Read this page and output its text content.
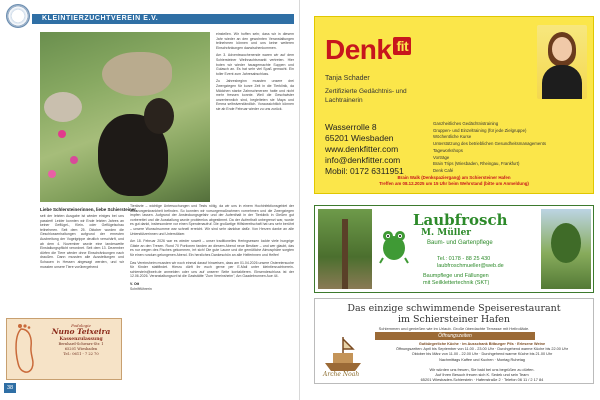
KLEINTIERZUCHTVEREIN E.V.

einstellen. Wir hoffen sehr, dass wir in diesem Jahr wieder an den gewohnten Veranstaltungen teilnehmen können und uns keine weiteren Einschränkungen dazwischenkommen.

Am 3. Adventswochenende waren wir auf dem Schiersteiner Weihnachtsmarkt vertreten. Hier boten wir wieder hausgemachte Suppen und Gulasch an. Es hat sehr viel Spaß gemacht. Ein toller Event zum Jahresabschluss.

Zu Jahresbeginn mussten unsere drei Zwergziegen für kurze Zeit in die Tierklinik, da Mädchen starke Zahnschmerzen hatte und nicht mehr fressen konnte. Weil die Geschwister unzertrennlich sind, begleiteten sie Maya und Emma selbstverständlich. Voraussichtlich können sie ab Ende Februar wieder zu uns zurück.

Liebe Schlersteinerinnen, liebe Schiersteiner,

seit der letzten Ausgabe ist wieder einiges bei uns passiert! Leider konnten wir Ende letzten Jahres an keiner Geflügel-, Klein- oder Geflügelschau teilnehmen. Seit dem 25. Oktober wurden die Geschlossenhaltungen aufgrund der erneuten Ausbreitung der Vogelgrippe deutlich verschärft, und ab dem 4. November wurde eine landesweite Einstallungspflicht verordnet. Seit dem 13. Dezember dürfen die Tiere wieder ohne Einschränkungen nach draußen. Dann mussten alle Ausstellungen und Schauen in Hessen abgesagt werden, und wir mussten unsere Tiere vorübergehend

Tierärzte – wichtige Untersuchungen und Tests nötig, da wir uns in einem Hochinfektionsgebiet der Blauzungenkrankheit befinden. So konnten wir vorsorgemaßnahmen vornehmen und die Zwergziegen impfen lassen. Aufgrund der Ansteckungsgefahr und der Aufenthalt in der Tierklinik in Gießen gut vorbereitet und die Ausstallung wurde problemlos abgestimmt. Da der Aufenthalt unbegrenzt war, wurde es gut dankt, insbesondere vor einen Spendenaufruf. Die großartige Hilfsbereitschaft hat uns sehr berührt – unsere Wunschsumme war schnell erreicht. Wir sind sehr dankbar dafür. Von Herzen danke an alle Unterstützerinnen und Unterstützer.

Am 18. Februar 2026 war es wieder soweit – unser traditionelles Heringsessen lockte viele hungrige Gäste an den Tresen. Rund 70 Portionen fanden an diesem Abend neue Besitzer – und wer glaubt, das es nur wegen des Fisches gekommen, irrt sich! Die gute Laune und die gemütliche Atmosphäre sorgten für einen rundum gelungenen Abend. Ein herzliches Dankeschön an alle Helferinnen und Helfer!

Das Vereinsheim mussten wir noch einmal darauf hinweisen, dass am 01.04.2026 unsere Ostereiersuche für Kinder stattfindet. Hierzu dürft ihr euch gerne per E-Mail unter kleintierzuchtverein-schierstein@web.de anmelden oder uns auf unserer Seite kontaktieren. Einsendeschluss ist der 12.06.2026. Veranstaltungsort ist die Gaststätte "Zum Vereinsheim", Am Gaadebrunnen Aue 44.

V. Ott
Schriftführerin
Podologie
Nuno Teixeira
Kassenzulassung
Bernhard-Schwarz-Str. 1
65201 Wiesbaden
Tel.: 0611 - 7 22 70
38
Denk fit
Tanja Schader
Zertifizierte Gedächtnis- und
Lachtrainerin
Wasserrolle 8
65201 Wiesbaden
www.denkfitter.com
info@denkfitter.com
Mobil: 0172 6311951
Ganzheitliches Gedächtnistraining
Gruppen- und Einzeltraining (für jede Zielgruppe)
Wöchentliche Kurse
Unterstützung des betrieblichen Gesundheitsmanagements
Tageworkshops
Vorträge
Brain Trips (Wiesbaden, Rheingau, Frankfurt)
Denk Café
Brain Walk (Denkspaziergang) am Schiersteiner Hafen
Treffen am 08.12.2025 um 15 Uhr beim Wehrstand (bitte um Anmeldung)
Laubfrosch
M. Müller
Baum- und Gartenpflege
Tel.: 0178 - 88 25 430
laubfroschmueller@web.de
Baumpflege und Fällungen
mit Seilklettertechnik (SKT)
Das einzige schwimmende Speiserestaurant
im Schiersteiner Hafen
Schlemmen und genießen wie im Urlaub. Große überdachte Terrasse mit Heilrolläde.
Arche Noah
Öffnungszeiten
Gutbürgerliche Küche · im Ausschank Bitburger Pils · Erlesene Weine
Öffnungszeiten: April bis September von 11.00 - 23.00 Uhr · Durchgehend warme Küche bis 22.00 Uhr
Oktober bis März von 11.00 - 22.00 Uhr · Durchgehend warme Küche bis 21.00 Uhr
Nachmittags Kaffee und Kuchen · Montag Ruhetag
Wir würden uns freuen, Sie bald bei uns begrüßen zu dürfen.
Auf Ihren Besuch freuen sich K. Sedek und sein Team
65201 Wiesbaden-Schierstein · Hafenstraße 2 · Telefon 06 11 / 2 17 84
